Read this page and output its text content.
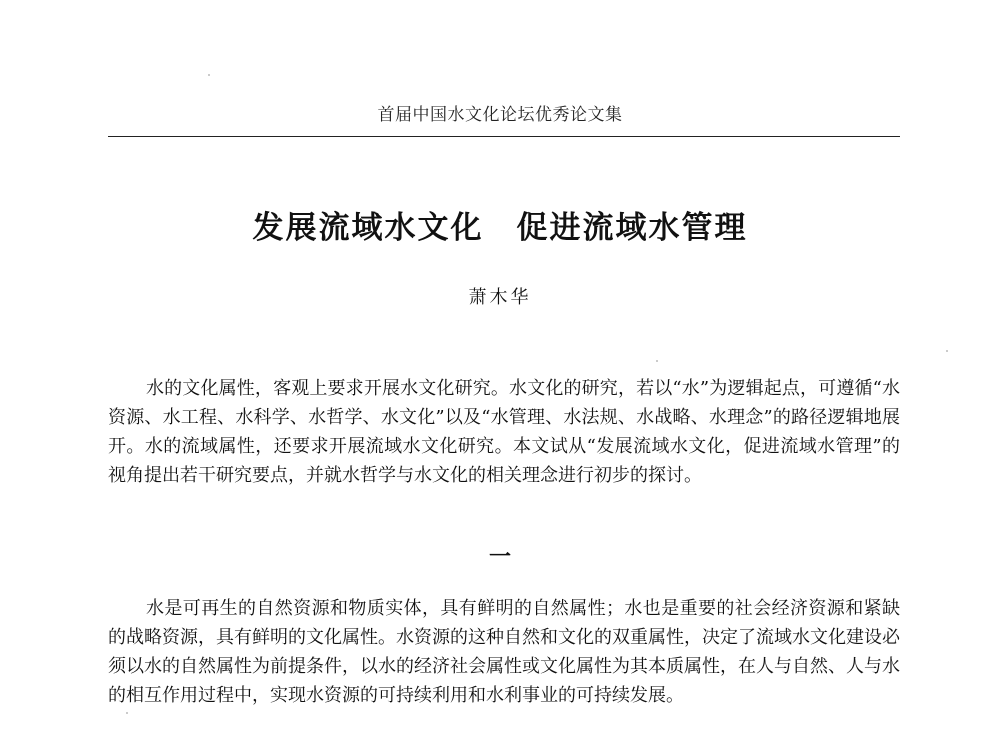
首届中国水文化论坛优秀论文集
发展流域水文化　促进流域水管理
萧木华

水的文化属性，客观上要求开展水文化研究。水文化的研究，若以“水”为逻辑起点，可遵循“水资源、水工程、水科学、水哲学、水文化”以及“水管理、水法规、水战略、水理念”的路径逻辑地展开。水的流域属性，还要求开展流域水文化研究。本文试从“发展流域水文化，促进流域水管理”的视角提出若干研究要点，并就水哲学与水文化的相关理念进行初步的探讨。

一

水是可再生的自然资源和物质实体，具有鲜明的自然属性；水也是重要的社会经济资源和紧缺的战略资源，具有鲜明的文化属性。水资源的这种自然和文化的双重属性，决定了流域水文化建设必须以水的自然属性为前提条件，以水的经济社会属性或文化属性为其本质属性，在人与自然、人与水的相互作用过程中，实现水资源的可持续利用和水利事业的可持续发展。
